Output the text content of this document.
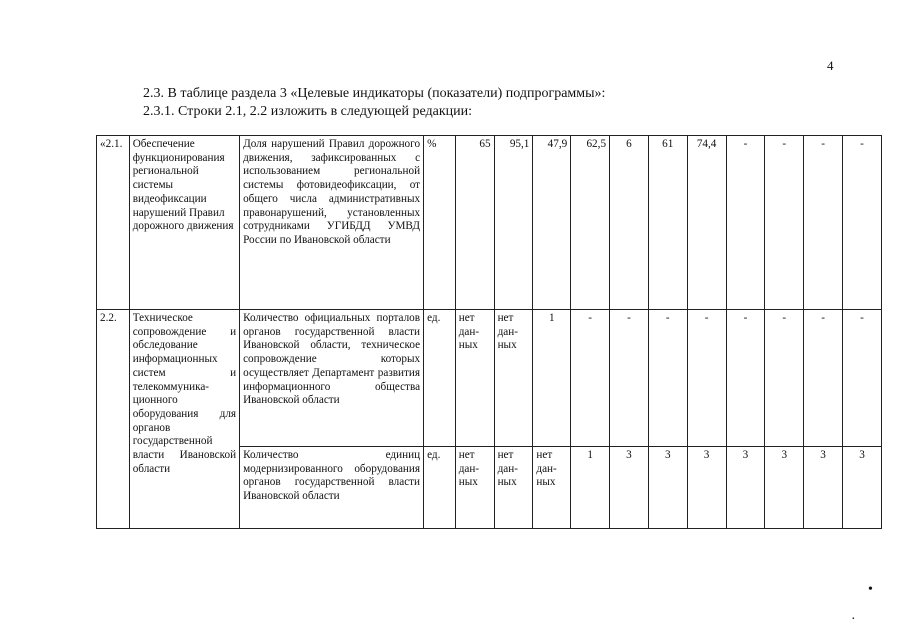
4
2.3. В таблице раздела 3 «Целевые индикаторы (показатели) подпрограммы»:
2.3.1. Строки 2.1, 2.2 изложить в следующей редакции:
«2.1.	Обеспечение функционирования региональной системы видеофиксации нарушений Правил дорожного движения	Доля нарушений Правил дорожного движения, зафиксированных с использованием региональной системы фотовидеофиксации, от общего числа административных правонарушений, установленных сотрудниками УГИБДД УМВД России по Ивановской области	%	65	95,1	47,9	62,5	6	61	74,4	-	-	-	-
2.2.	Техническое сопровождение и обследование информационных систем и телекоммуника-ционного оборудования для органов государственной власти Ивановской области	Количество официальных порталов органов государственной власти Ивановской области, техническое сопровождение которых осуществляет Департамент развития информационного общества Ивановской области	ед.	нет дан-ных	нет дан-ных	1	-	-	-	-	-	-	-	-
		Количество единиц модернизированного оборудования органов государственной власти Ивановской области	ед.	нет дан-ных	нет дан-ных	нет дан-ных	1	3	3	3	3	3	3	3
•
·
